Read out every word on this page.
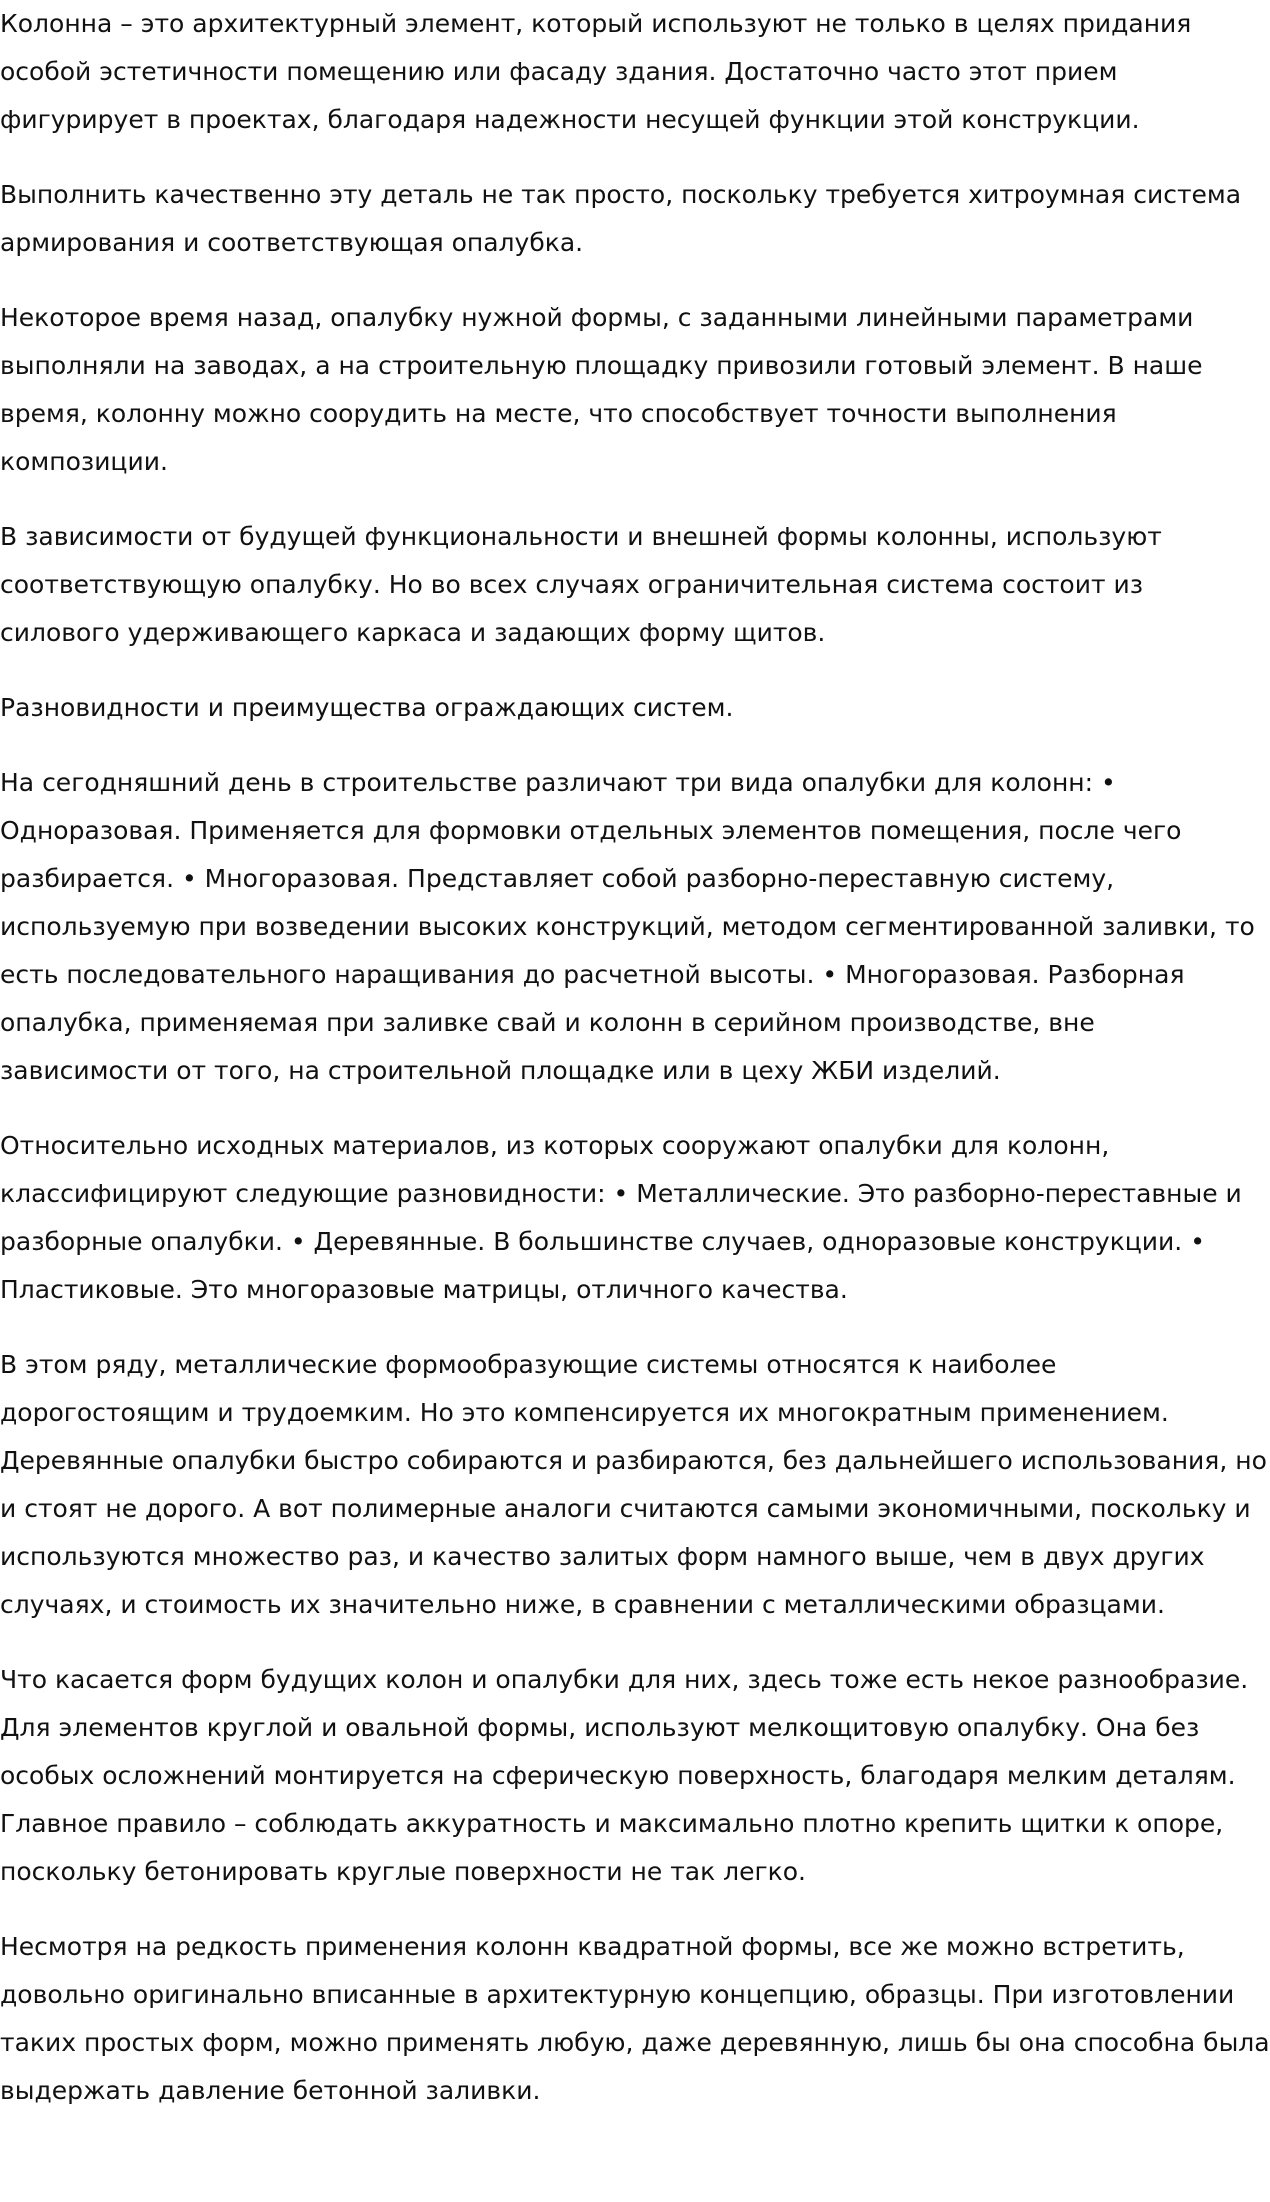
Колонна – это архитектурный элемент, который используют не только в целях придания особой эстетичности помещению или фасаду здания. Достаточно часто этот прием фигурирует в проектах, благодаря надежности несущей функции этой конструкции.

Выполнить качественно эту деталь не так просто, поскольку требуется хитроумная система армирования и соответствующая опалубка.

Некоторое время назад, опалубку нужной формы, с заданными линейными параметрами выполняли на заводах, а на строительную площадку привозили готовый элемент. В наше время, колонну можно соорудить на месте, что способствует точности выполнения композиции.

В зависимости от будущей функциональности и внешней формы колонны, используют соответствующую опалубку. Но во всех случаях ограничительная система состоит из силового удерживающего каркаса и задающих форму щитов.

Разновидности и преимущества ограждающих систем.

На сегодняшний день в строительстве различают три вида опалубки для колонн: • Одноразовая. Применяется для формовки отдельных элементов помещения, после чего разбирается. • Многоразовая. Представляет собой разборно-переставную систему, используемую при возведении высоких конструкций, методом сегментированной заливки, то есть последовательного наращивания до расчетной высоты. • Многоразовая. Разборная опалубка, применяемая при заливке свай и колонн в серийном производстве, вне зависимости от того, на строительной площадке или в цеху ЖБИ изделий.

Относительно исходных материалов, из которых сооружают опалубки для колонн, классифицируют следующие разновидности: • Металлические. Это разборно-переставные и разборные опалубки. • Деревянные. В большинстве случаев, одноразовые конструкции. • Пластиковые. Это многоразовые матрицы, отличного качества.

В этом ряду, металлические формообразующие системы относятся к наиболее дорогостоящим и трудоемким. Но это компенсируется их многократным применением. Деревянные опалубки быстро собираются и разбираются, без дальнейшего использования, но и стоят не дорого. А вот полимерные аналоги считаются самыми экономичными, поскольку и используются множество раз, и качество залитых форм намного выше, чем в двух других случаях, и стоимость их значительно ниже, в сравнении с металлическими образцами.

Что касается форм будущих колон и опалубки для них, здесь тоже есть некое разнообразие. Для элементов круглой и овальной формы, используют мелкощитовую опалубку. Она без особых осложнений монтируется на сферическую поверхность, благодаря мелким деталям. Главное правило – соблюдать аккуратность и максимально плотно крепить щитки к опоре, поскольку бетонировать круглые поверхности не так легко.

Несмотря на редкость применения колонн квадратной формы, все же можно встретить, довольно оригинально вписанные в архитектурную концепцию, образцы. При изготовлении таких простых форм, можно применять любую, даже деревянную, лишь бы она способна была выдержать давление бетонной заливки.
